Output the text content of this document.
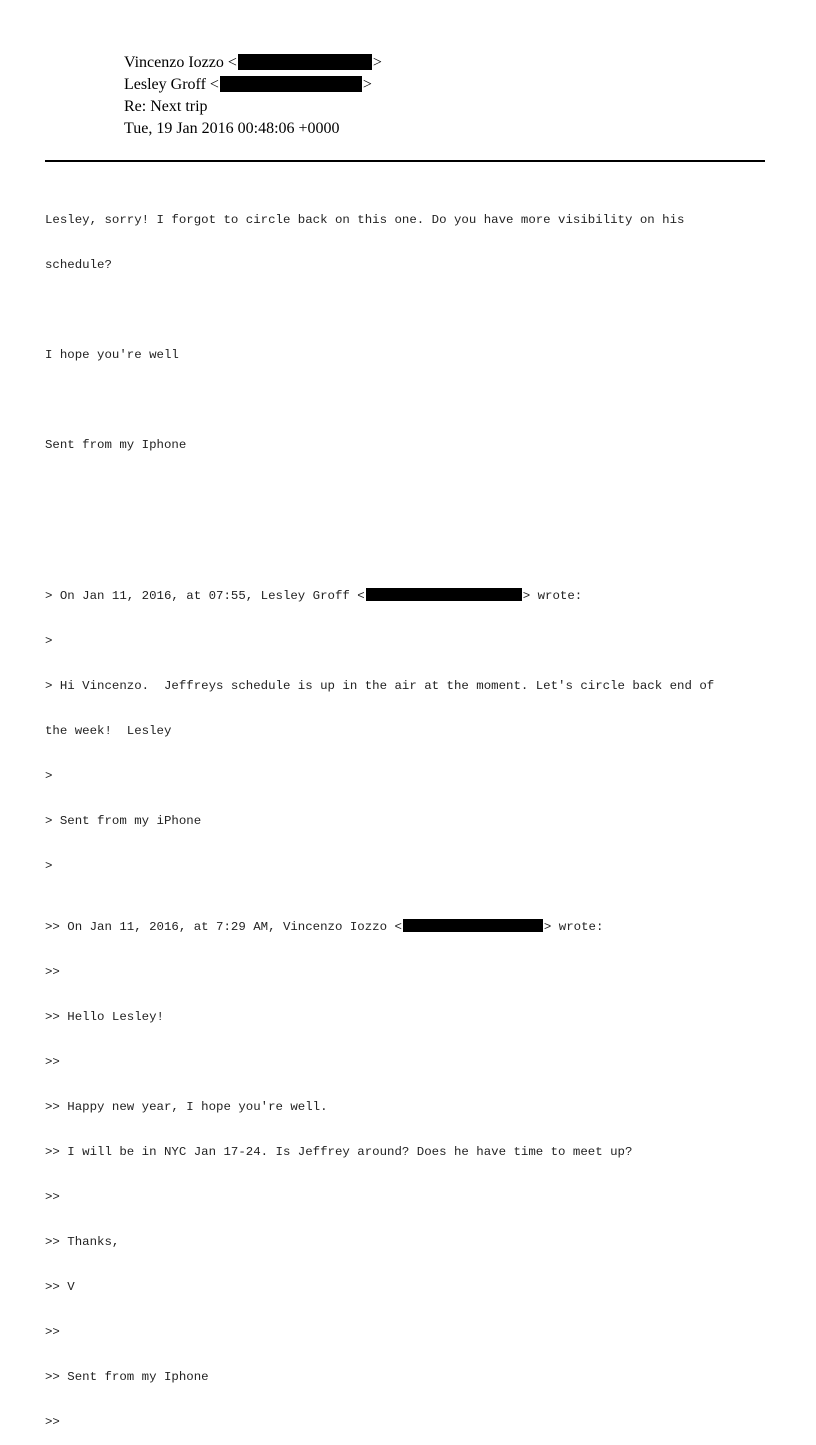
Vincenzo Iozzo <	>
Lesley Groff <	>
Re: Next trip
Tue, 19 Jan 2016 00:48:06 +0000

Lesley, sorry! I forgot to circle back on this one. Do you have more visibility on his

schedule?

I hope you're well

Sent from my Iphone

> On Jan 11, 2016, at 07:55, Lesley Groff <	> wrote:

>

> Hi Vincenzo.  Jeffreys schedule is up in the air at the moment. Let's circle back end of

the week!  Lesley

>

> Sent from my iPhone

>

>> On Jan 11, 2016, at 7:29 AM, Vincenzo Iozzo <	> wrote:

>>

>> Hello Lesley!

>>

>> Happy new year, I hope you're well.

>> I will be in NYC Jan 17-24. Is Jeffrey around? Does he have time to meet up?

>>

>> Thanks,

>> V

>>

>> Sent from my Iphone

>>
